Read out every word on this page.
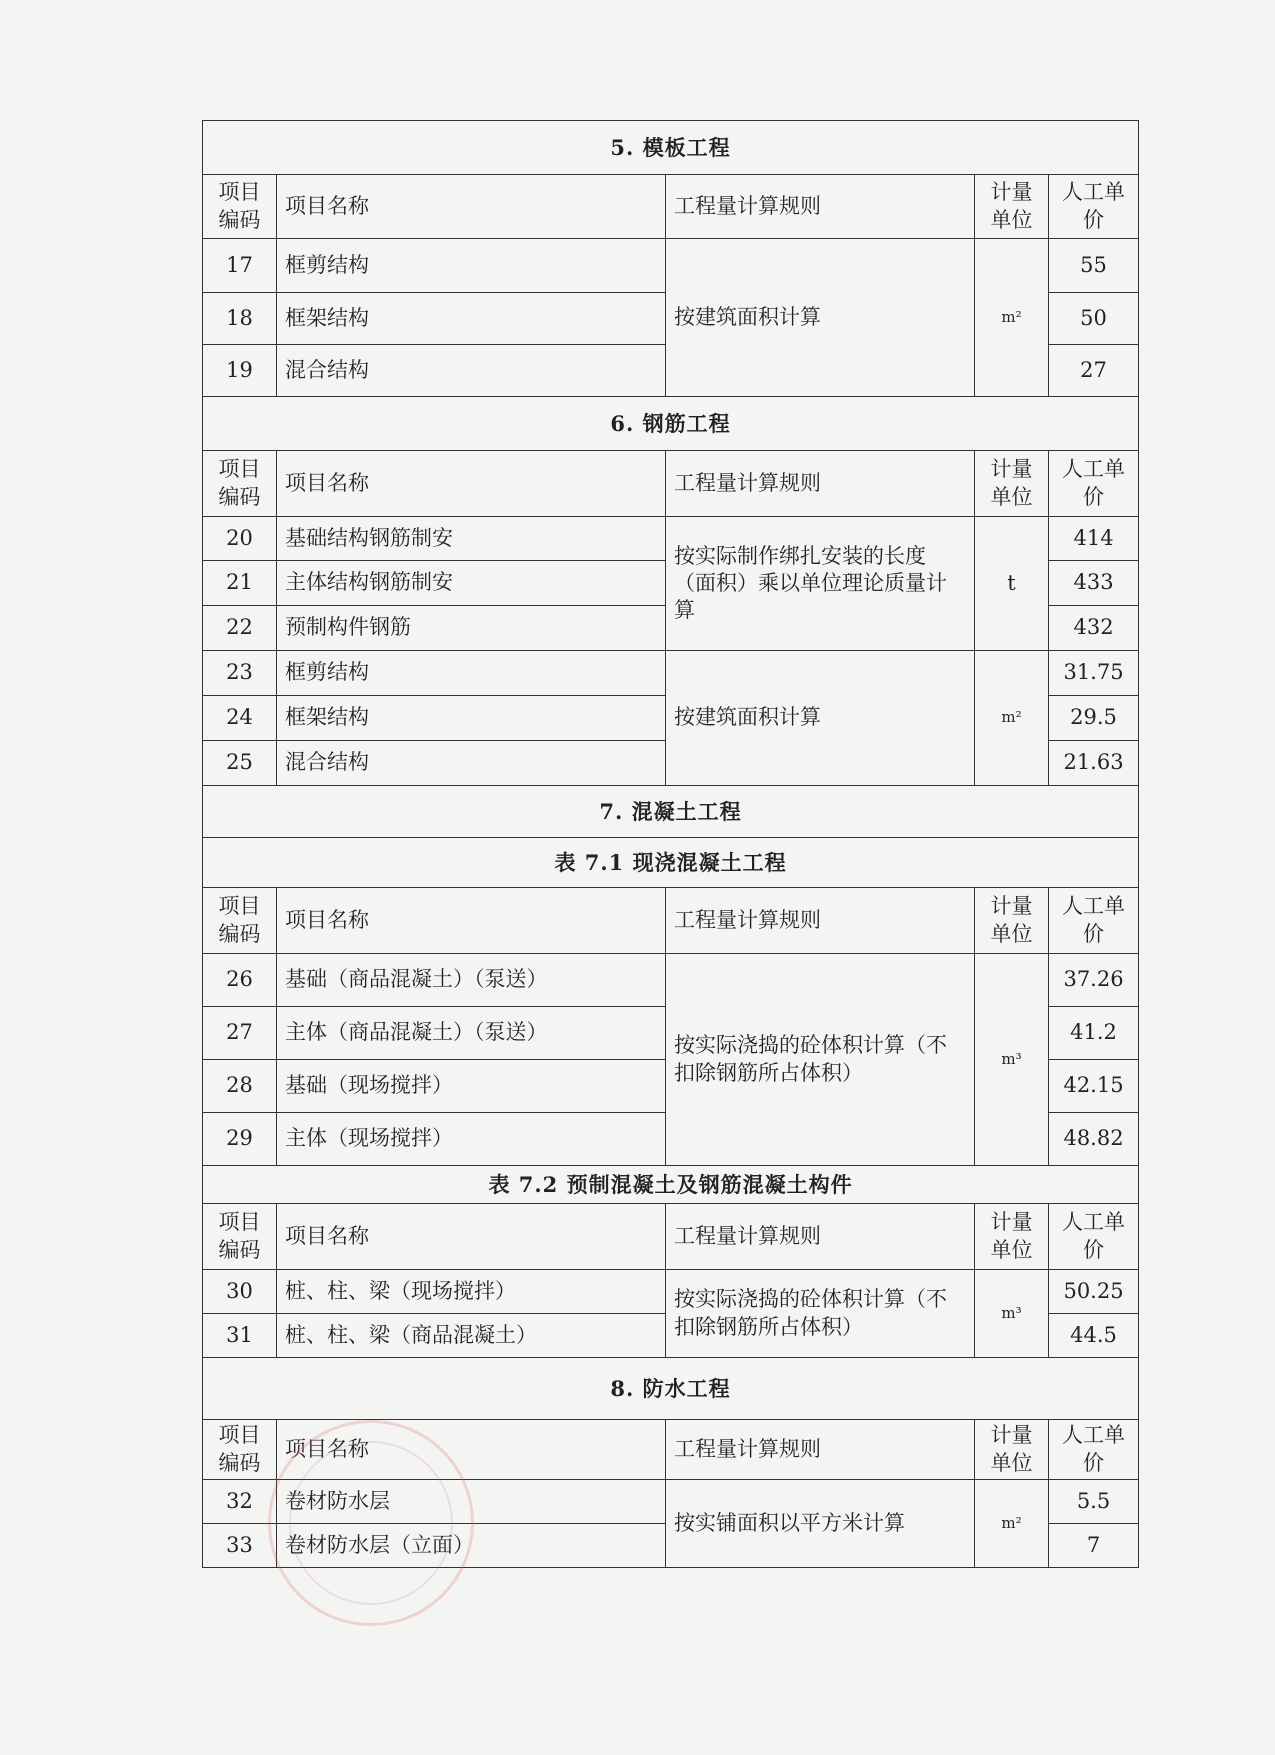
5. 模板工程				
项目编码	项目名称	工程量计算规则	计量单位	人工单价
17	框剪结构	按建筑面积计算	m²	55
18	框架结构			50
19	混合结构			27
6. 钢筋工程				
项目编码	项目名称	工程量计算规则	计量单位	人工单价
20	基础结构钢筋制安	按实际制作绑扎安装的长度（面积）乘以单位理论质量计算	t	414
21	主体结构钢筋制安			433
22	预制构件钢筋			432
23	框剪结构	按建筑面积计算	m²	31.75
24	框架结构			29.5
25	混合结构			21.63
7. 混凝土工程				
表 7.1 现浇混凝土工程				
项目编码	项目名称	工程量计算规则	计量单位	人工单价
26	基础（商品混凝土）（泵送）	按实际浇捣的砼体积计算（不扣除钢筋所占体积）	m³	37.26
27	主体（商品混凝土）（泵送）			41.2
28	基础（现场搅拌）			42.15
29	主体（现场搅拌）			48.82
表 7.2 预制混凝土及钢筋混凝土构件				
项目编码	项目名称	工程量计算规则	计量单位	人工单价
30	桩、柱、梁（现场搅拌）	按实际浇捣的砼体积计算（不扣除钢筋所占体积）	m³	50.25
31	桩、柱、梁（商品混凝土）			44.5
8. 防水工程				
项目编码	项目名称	工程量计算规则	计量单位	人工单价
32	卷材防水层	按实铺面积以平方米计算	m²	5.5
33	卷材防水层（立面）			7
